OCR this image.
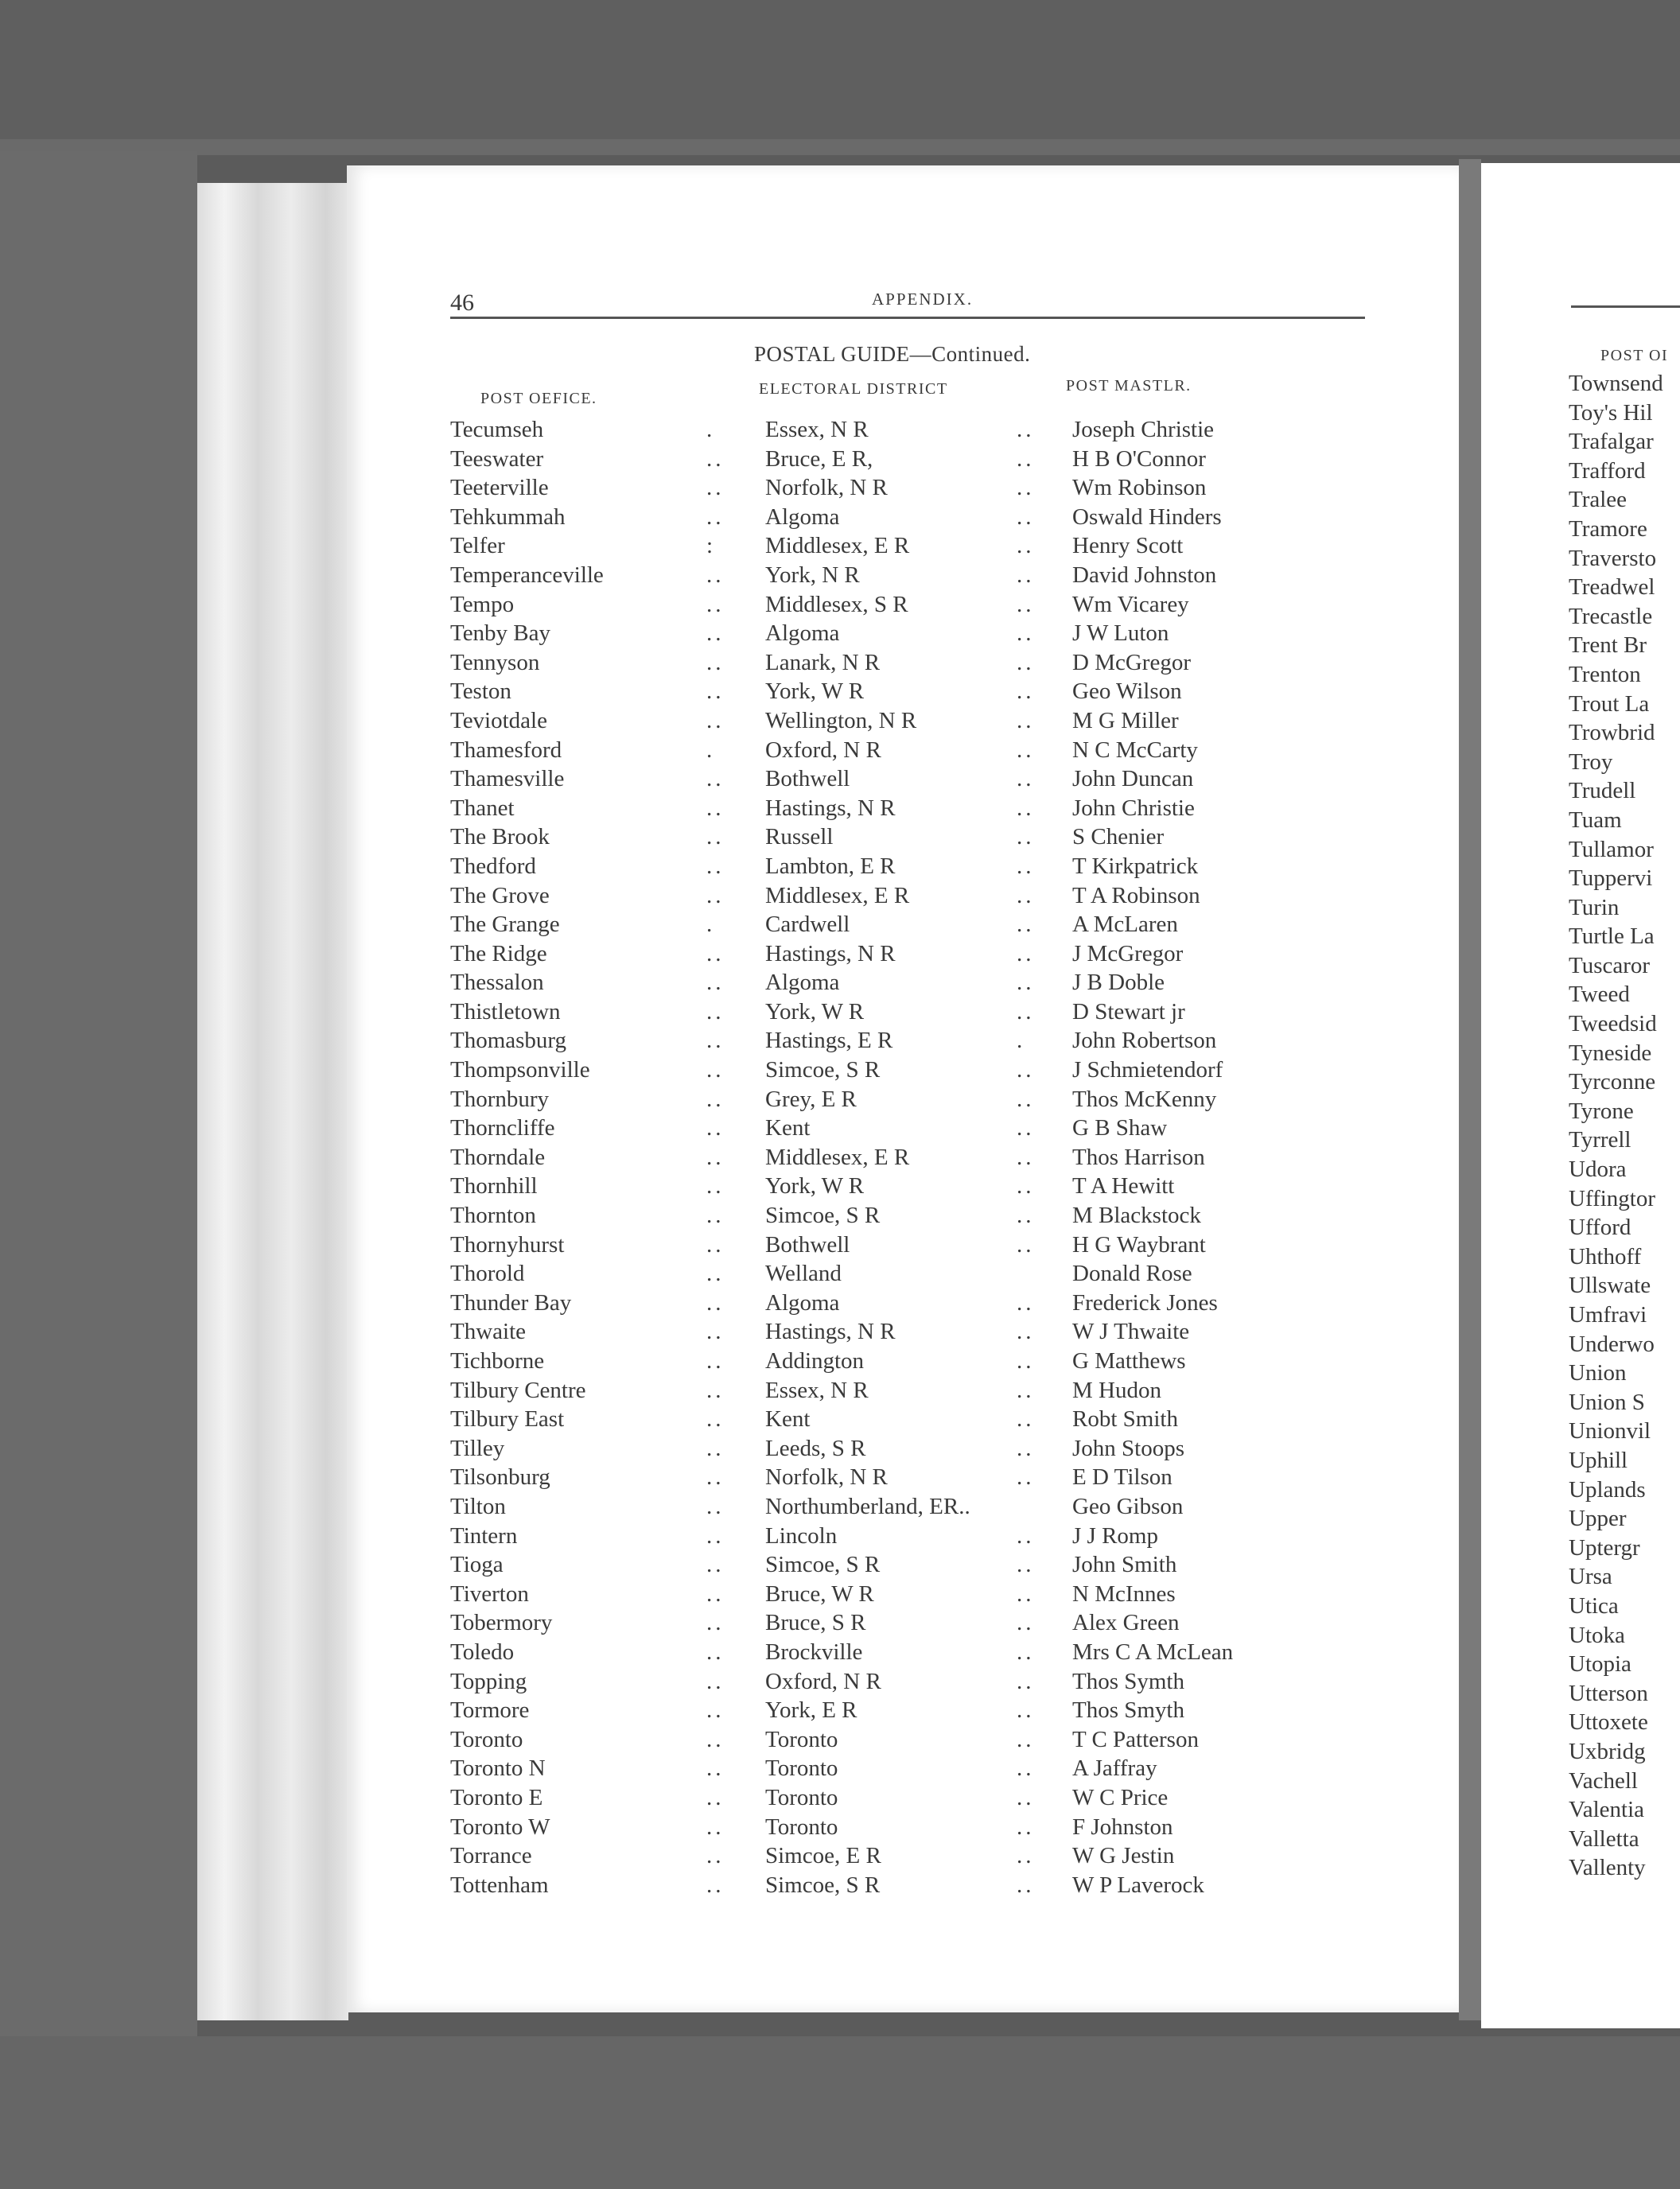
46	APPENDIX.
POSTAL GUIDE—Continued.
POST OEFICE.
ELECTORAL DISTRICT	POST MASTLR.
Tecumseh	. Essex, N R	.. Joseph Christie
Teeswater	.. Bruce, E R,	.. H B O'Connor
Teeterville	.. Norfolk, N R	.. Wm Robinson
Tehkummah	.. Algoma	.. Oswald Hinders
Telfer	: Middlesex, E R	.. Henry Scott
Temperanceville	.. York, N R	.. David Johnston
Tempo	.. Middlesex, S R	.. Wm Vicarey
Tenby Bay	.. Algoma	.. J W Luton
Tennyson	.. Lanark, N R	.. D McGregor
Teston	.. York, W R	.. Geo Wilson
Teviotdale	.. Wellington, N R	.. M G Miller
Thamesford	. Oxford, N R	.. N C McCarty
Thamesville	.. Bothwell	.. John Duncan
Thanet	.. Hastings, N R	.. John Christie
The Brook	.. Russell	.. S Chenier
Thedford	.. Lambton, E R	.. T Kirkpatrick
The Grove	.. Middlesex, E R	.. T A Robinson
The Grange	. Cardwell	.. A McLaren
The Ridge	.. Hastings, N R	.. J McGregor
Thessalon	.. Algoma	.. J B Doble
Thistletown	.. York, W R	.. D Stewart jr
Thomasburg	.. Hastings, E R	. John Robertson
Thompsonville	.. Simcoe, S R	.. J Schmietendorf
Thornbury	.. Grey, E R	.. Thos McKenny
Thorncliffe	.. Kent	.. G B Shaw
Thorndale	.. Middlesex, E R	.. Thos Harrison
Thornhill	.. York, W R	.. T A Hewitt
Thornton	.. Simcoe, S R	.. M Blackstock
Thornyhurst	.. Bothwell	.. H G Waybrant
Thorold	.. Welland	Donald Rose
Thunder Bay	.. Algoma	.. Frederick Jones
Thwaite	.. Hastings, N R	.. W J Thwaite
Tichborne	.. Addington	.. G Matthews
Tilbury Centre	.. Essex, N R	.. M Hudon
Tilbury East	.. Kent	.. Robt Smith
Tilley	.. Leeds, S R	.. John Stoops
Tilsonburg	.. Norfolk, N R	.. E D Tilson
Tilton	.. Northumberland, ER..	Geo Gibson
Tintern	.. Lincoln	.. J J Romp
Tioga	.. Simcoe, S R	.. John Smith
Tiverton	.. Bruce, W R	.. N McInnes
Tobermory	.. Bruce, S R	.. Alex Green
Toledo	.. Brockville	.. Mrs C A McLean
Topping	.. Oxford, N R	.. Thos Symth
Tormore	.. York, E R	.. Thos Smyth
Toronto	.. Toronto	.. T C Patterson
Toronto N	.. Toronto	.. A Jaffray
Toronto E	.. Toronto	.. W C Price
Toronto W	.. Toronto	.. F Johnston
Torrance	.. Simcoe, E R	.. W G Jestin
Tottenham	.. Simcoe, S R	.. W P Laverock
POST OI
Townsend
Toy's Hil
Trafalgar
Trafford
Tralee
Tramore
Traversto
Treadwel
Trecastle
Trent Br
Trenton
Trout La
Trowbrid
Troy
Trudell
Tuam
Tullamor
Tuppervi
Turin
Turtle La
Tuscaror
Tweed
Tweedsid
Tyneside
Tyrconne
Tyrone
Tyrrell
Udora
Uffingtor
Ufford
Uhthoff
Ullswate
Umfravi
Underwo
Union
Union S
Unionvil
Uphill
Uplands
Upper
Uptergr
Ursa
Utica
Utoka
Utopia
Utterson
Uttoxete
Uxbridg
Vachell
Valentia
Valletta
Vallenty
